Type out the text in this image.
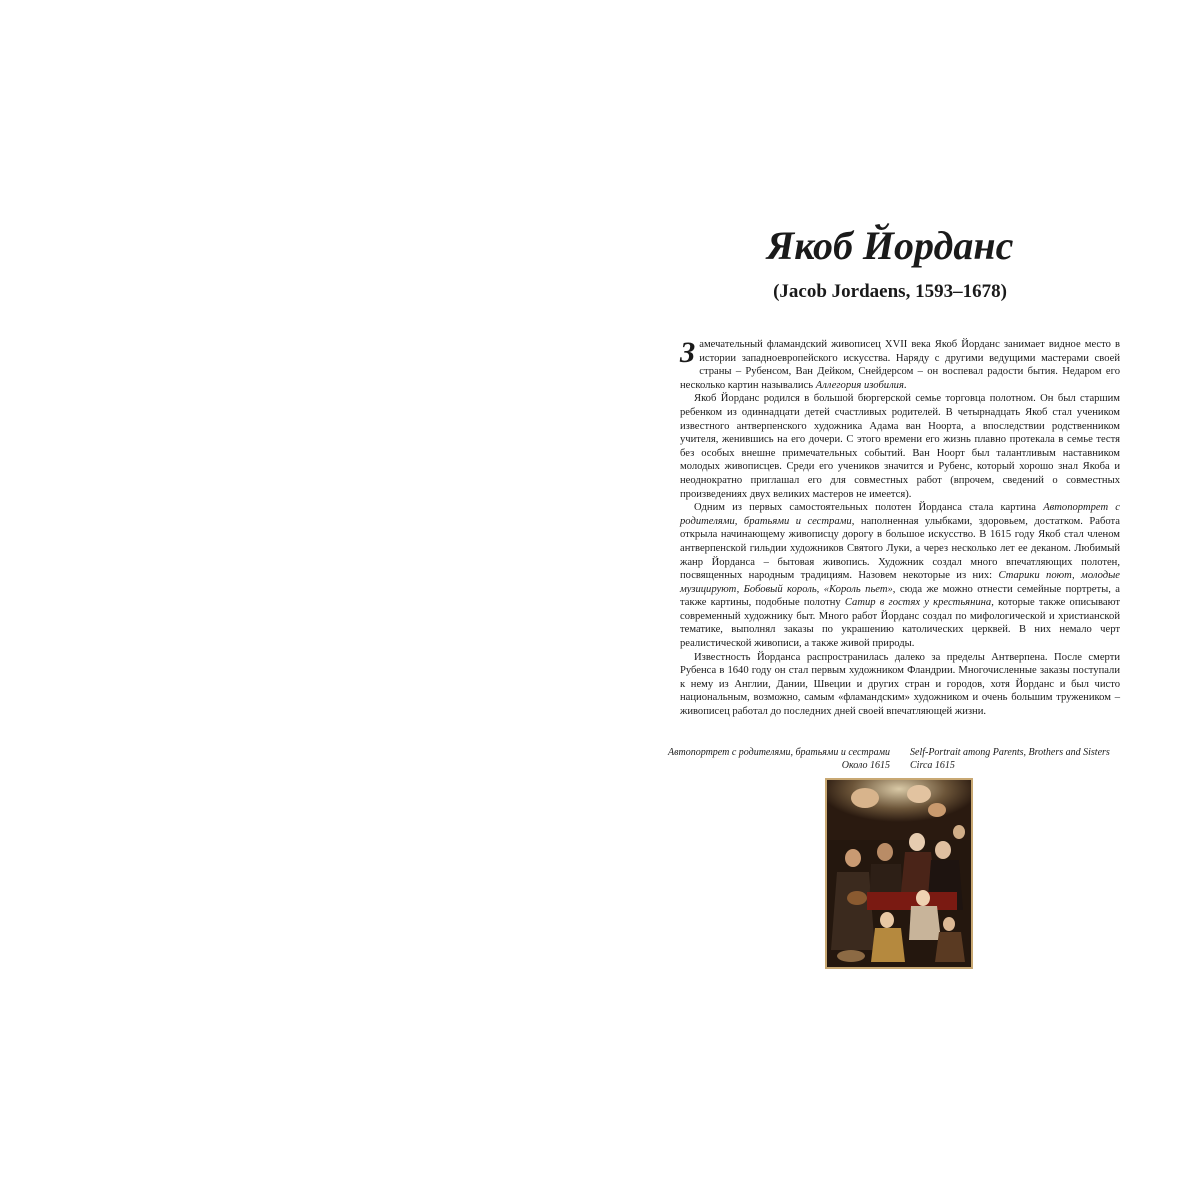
Якоб Йорданс
(Jacob Jordaens, 1593–1678)

Замечательный фламандский живописец XVII века Якоб Йорданс занимает видное место в истории западноевропейского искусства. Наряду с другими ведущими мастерами своей страны – Рубенсом, Ван Дейком, Снейдерсом – он воспевал радости бытия. Недаром его несколько картин назывались Аллегория изобилия.

Якоб Йорданс родился в большой бюргерской семье торговца полотном. Он был старшим ребенком из одиннадцати детей счастливых родителей. В четырнадцать Якоб стал учеником известного антверпенского художника Адама ван Ноорта, а впоследствии родственником учителя, женившись на его дочери. С этого времени его жизнь плавно протекала в семье тестя без особых внешне примечательных событий. Ван Ноорт был талантливым наставником молодых живописцев. Среди его учеников значится и Рубенс, который хорошо знал Якоба и неоднократно приглашал его для совместных работ (впрочем, сведений о совместных произведениях двух великих мастеров не имеется).

Одним из первых самостоятельных полотен Йорданса стала картина Автопортрет с родителями, братьями и сестрами, наполненная улыбками, здоровьем, достатком. Работа открыла начинающему живописцу дорогу в большое искусство. В 1615 году Якоб стал членом антверпенской гильдии художников Святого Луки, а через несколько лет ее деканом. Любимый жанр Йорданса – бытовая живопись. Художник создал много впечатляющих полотен, посвященных народным традициям. Назовем некоторые из них: Старики поют, молодые музицируют, Бобовый король, «Король пьет», сюда же можно отнести семейные портреты, а также картины, подобные полотну Сатир в гостях у крестьянина, которые также описывают современный художнику быт. Много работ Йорданс создал по мифологической и христианской тематике, выполнял заказы по украшению католических церквей. В них немало черт реалистической живописи, а также живой природы.

Известность Йорданса распространилась далеко за пределы Антверпена. После смерти Рубенса в 1640 году он стал первым художником Фландрии. Многочисленные заказы поступали к нему из Англии, Дании, Швеции и других стран и городов, хотя Йорданс и был чисто национальным, возможно, самым «фламандским» художником и очень большим тружеником – живописец работал до последних дней своей впечатляющей жизни.

Автопортрет с родителями, братьями и сестрами
Около 1615
Self-Portrait among Parents, Brothers and Sisters
Circa 1615
